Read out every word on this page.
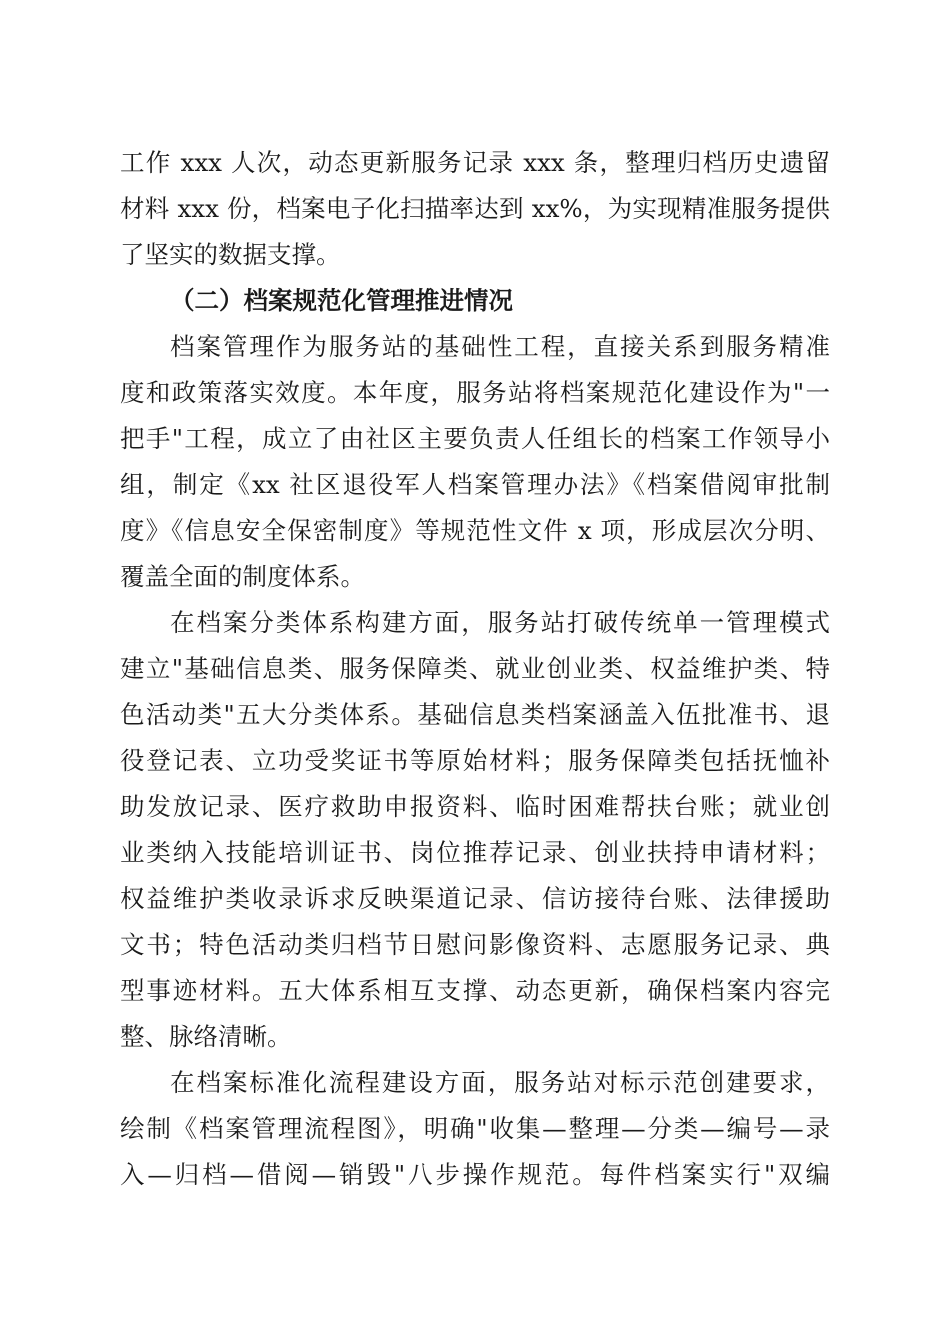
工作 xxx 人次，动态更新服务记录 xxx 条，整理归档历史遗留
材料 xxx 份，档案电子化扫描率达到 xx%，为实现精准服务提供
了坚实的数据支撑。
（二）档案规范化管理推进情况
档案管理作为服务站的基础性工程，直接关系到服务精准
度和政策落实效度。本年度，服务站将档案规范化建设作为"一
把手"工程，成立了由社区主要负责人任组长的档案工作领导小
组，制定《xx 社区退役军人档案管理办法》《档案借阅审批制
度》《信息安全保密制度》等规范性文件 x 项，形成层次分明、
覆盖全面的制度体系。
在档案分类体系构建方面，服务站打破传统单一管理模式
建立"基础信息类、服务保障类、就业创业类、权益维护类、特
色活动类"五大分类体系。基础信息类档案涵盖入伍批准书、退
役登记表、立功受奖证书等原始材料；服务保障类包括抚恤补
助发放记录、医疗救助申报资料、临时困难帮扶台账；就业创
业类纳入技能培训证书、岗位推荐记录、创业扶持申请材料；
权益维护类收录诉求反映渠道记录、信访接待台账、法律援助
文书；特色活动类归档节日慰问影像资料、志愿服务记录、典
型事迹材料。五大体系相互支撑、动态更新，确保档案内容完
整、脉络清晰。
在档案标准化流程建设方面，服务站对标示范创建要求，
绘制《档案管理流程图》，明确"收集—整理—分类—编号—录
入—归档—借阅—销毁"八步操作规范。每件档案实行"双编
